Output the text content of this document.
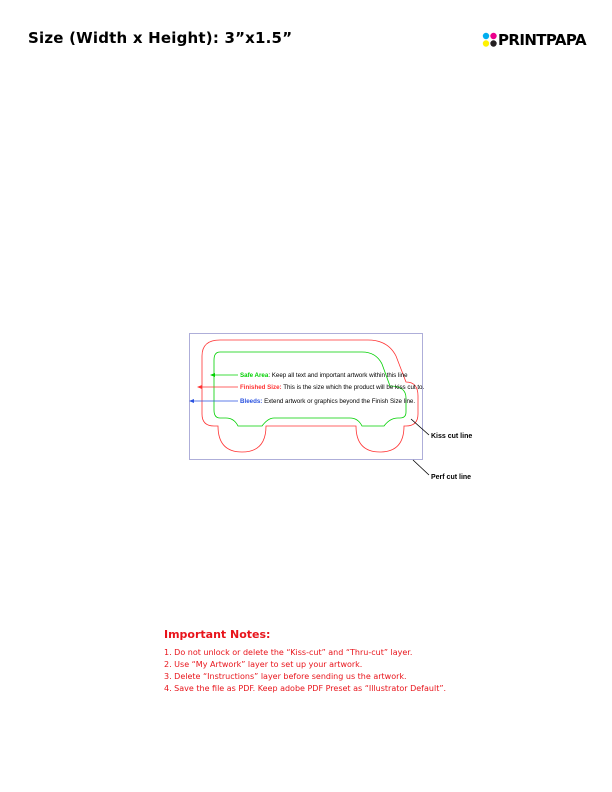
Size (Width x Height): 3”x1.5”	PRINTPAPA
Safe Area: Keep all text and important artwork within this line
Finished Size: This is the size which the product will be kiss cut to.
Bleeds: Extend artwork or graphics beyond the Finish Size line.
Kiss cut line
Perf cut line
Important Notes:
1. Do not unlock or delete the “Kiss-cut” and “Thru-cut” layer.
2. Use “My Artwork” layer to set up your artwork.
3. Delete “Instructions” layer before sending us the artwork.
4. Save the file as PDF. Keep adobe PDF Preset as “Illustrator Default”.
